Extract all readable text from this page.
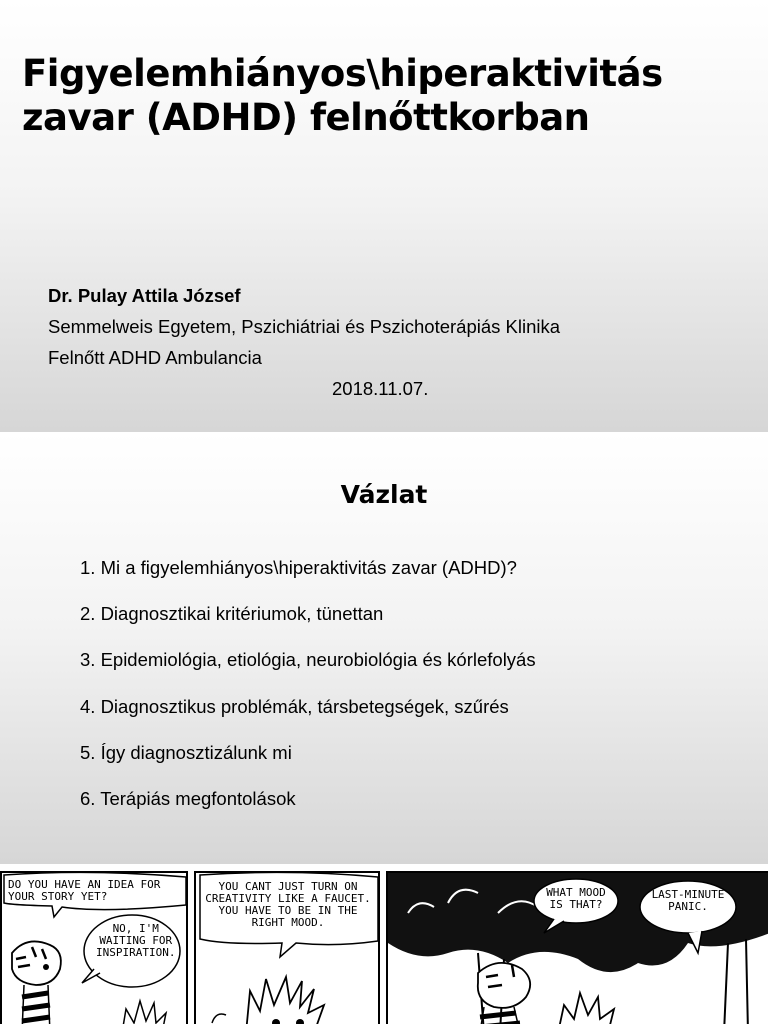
Figyelemhiányos\hiperaktivitás
zavar (ADHD) felnőttkorban
Dr. Pulay Attila József
Semmelweis Egyetem, Pszichiátriai és Pszichoterápiás Klinika
Felnőtt ADHD Ambulancia
2018.11.07.
Vázlat
1. Mi a figyelemhiányos\hiperaktivitás zavar (ADHD)?
2. Diagnosztikai kritériumok, tünettan
3. Epidemiológia, etiológia, neurobiológia és kórlefolyás
4. Diagnosztikus problémák, társbetegségek, szűrés
5. Így diagnosztizálunk mi
6. Terápiás megfontolások
DO YOU HAVE AN IDEA FOR
YOUR STORY YET?
NO, I'M
WAITING FOR
INSPIRATION.
YOU CANT JUST TURN ON
CREATIVITY LIKE A FAUCET.
YOU HAVE TO BE IN THE
RIGHT MOOD.
WHAT MOOD
IS THAT?
LAST-MINUTE
PANIC.
